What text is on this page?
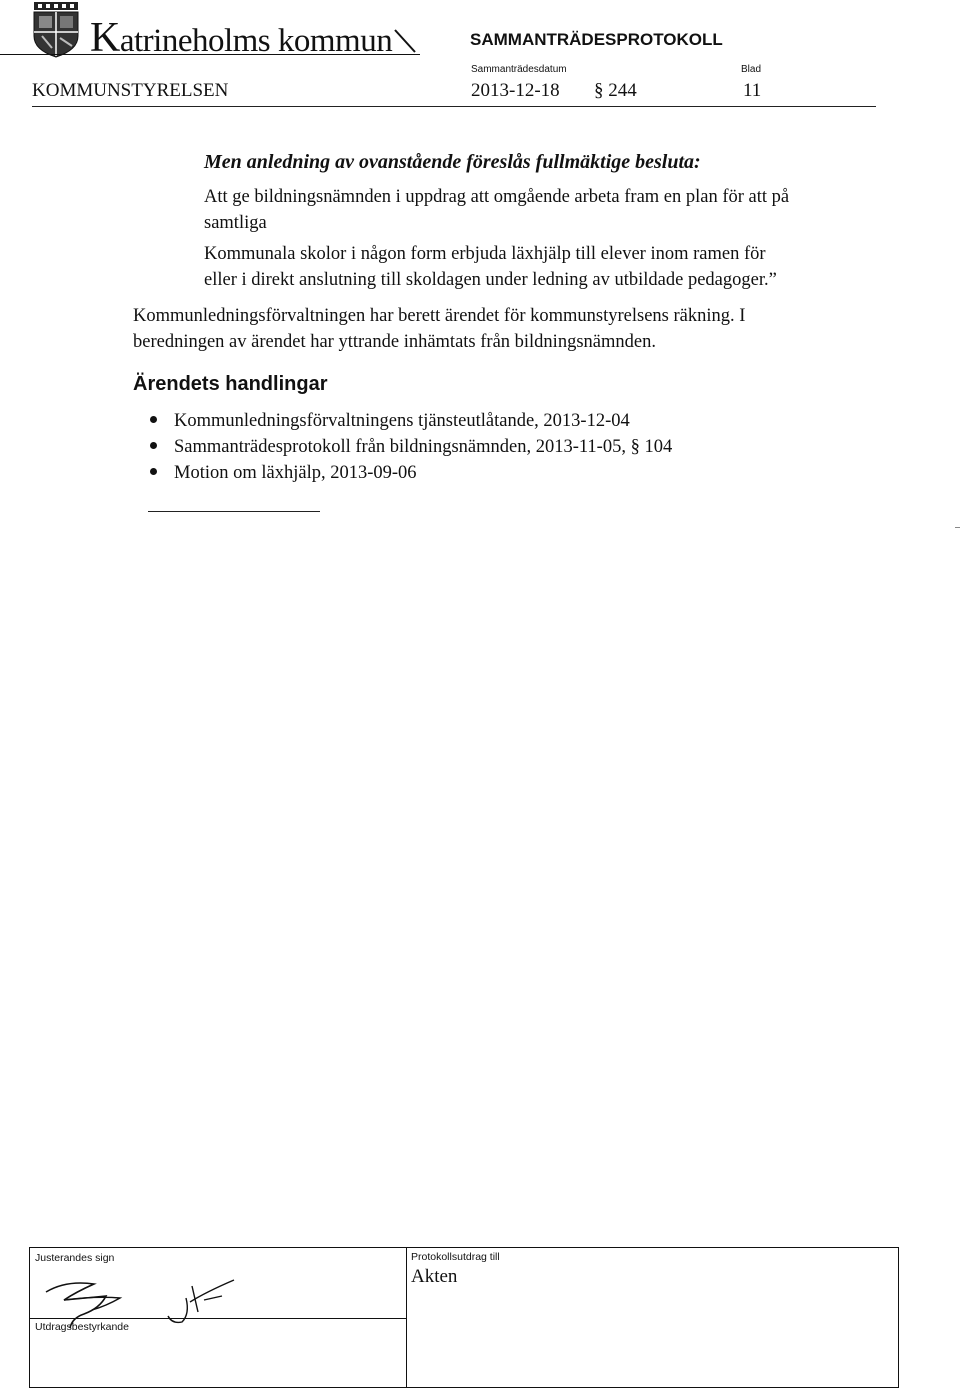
Katrineholms kommun	SAMMANTRÄDESPROTOKOLL
KOMMUNSTYRELSEN
Sammanträdesdatum
2013-12-18 § 244
Blad
11
Men anledning av ovanstående föreslås fullmäktige besluta:
Att ge bildningsnämnden i uppdrag att omgående arbeta fram en plan för att på
samtliga
Kommunala skolor i någon form erbjuda läxhjälp till elever inom ramen för
eller i direkt anslutning till skoldagen under ledning av utbildade pedagoger.”
Kommunledningsförvaltningen har berett ärendet för kommunstyrelsens räkning. I
beredningen av ärendet har yttrande inhämtats från bildningsnämnden.
Ärendets handlingar
Kommunledningsförvaltningens tjänsteutlåtande, 2013-12-04
Sammanträdesprotokoll från bildningsnämnden, 2013-11-05, § 104
Motion om läxhjälp, 2013-09-06
Justerandes sign
Utdragsbestyrkande
Protokollsutdrag till
Akten
